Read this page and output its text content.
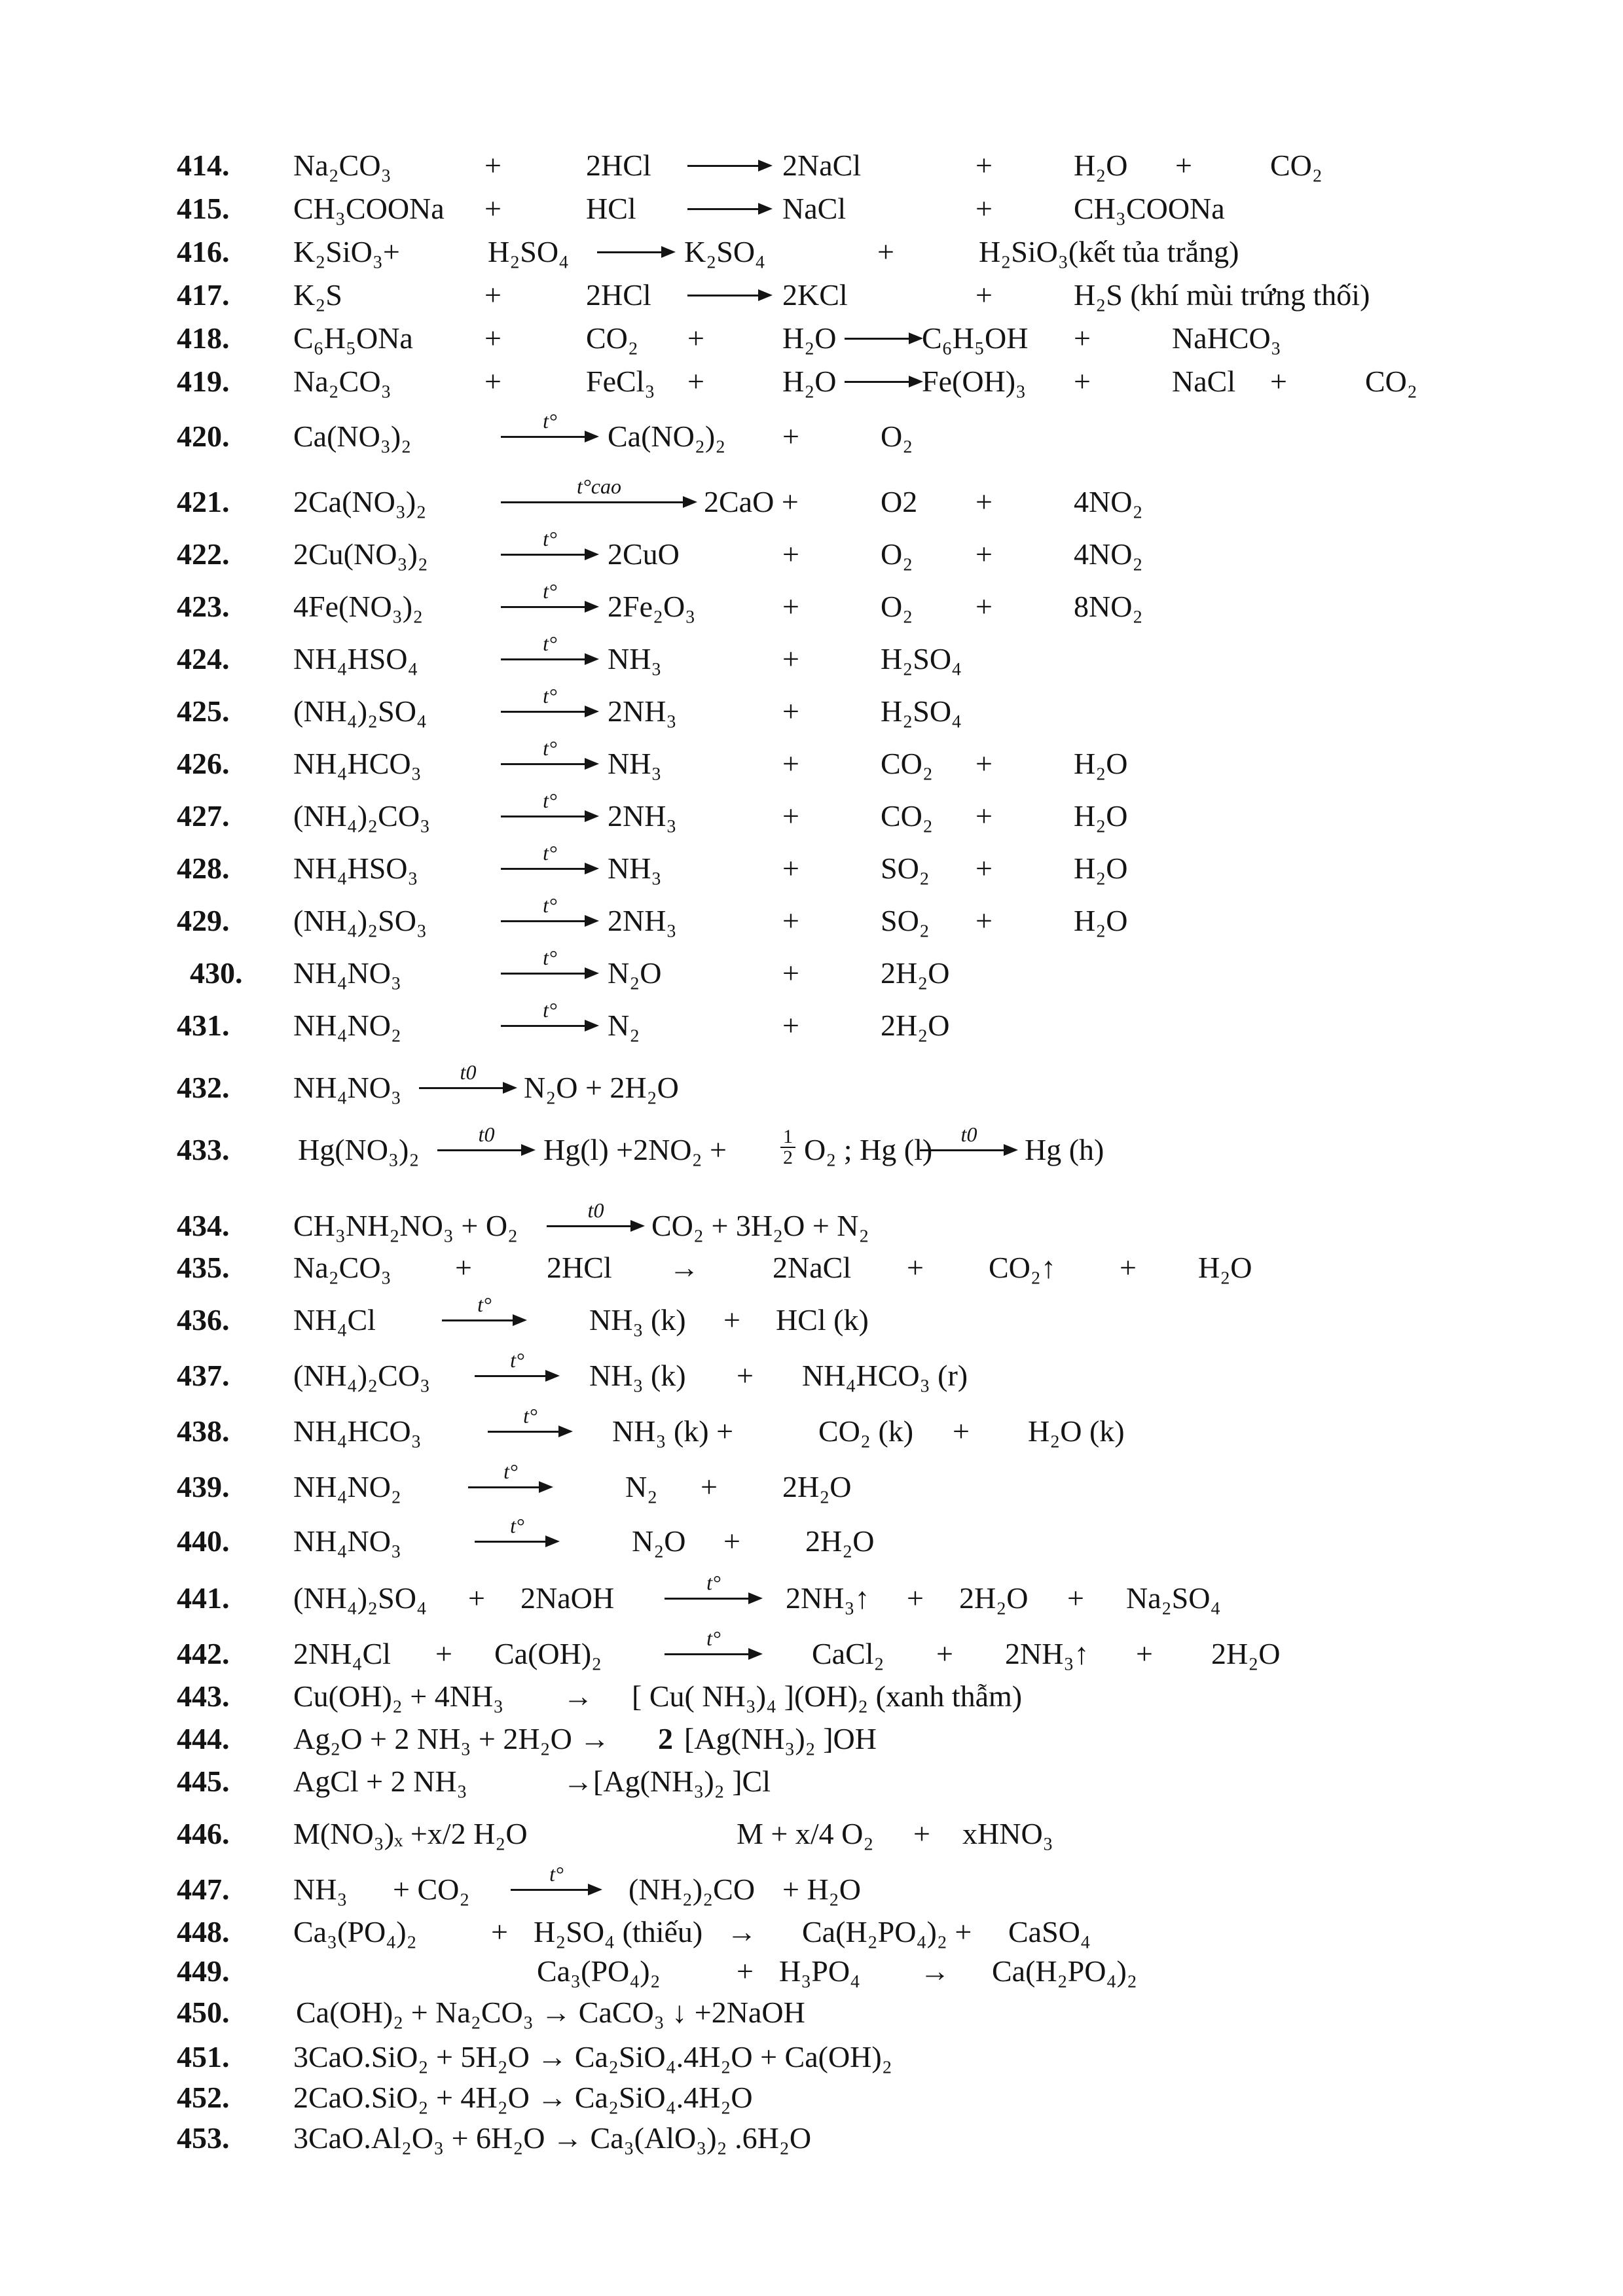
414. Na₂CO₃	+	2HCl	2NaCl	+	H₂O +	CO₂
415. CH₃COONa +	HCl	NaCl	+	CH₃COONa
416. K₂SiO₃+	H₂SO₄	K₂SO₄	+	H₂SiO₃(kết tủa trắng)
417. K₂S	+	2HCl	2KCl	+	H₂S (khí mùi trứng thối)
418. C₆H₅ONa +	CO₂ +	H₂O	C₆H₅OH +	NaHCO₃
419. Na₂CO₃	+	FeCl₃ +	H₂O	Fe(OH)₃ +	NaCl +	CO₂
420. Ca(NO₃)₂	t°	Ca(NO₂)₂ +	O₂
421. 2Ca(NO₃)₂	t°cao	2CaO +	O2 +	4NO₂
422. 2Cu(NO₃)₂	t°	2CuO	+	O₂ +	4NO₂
423. 4Fe(NO₃)₂	t°	2Fe₂O₃	+	O₂ +	8NO₂
424. NH₄HSO₄	t°	NH₃	+	H₂SO₄
425. (NH₄)₂SO₄	t°	2NH₃	+	H₂SO₄
426. NH₄HCO₃	t°	NH₃	+	CO₂ +	H₂O
427. (NH₄)₂CO₃	t°	2NH₃	+	CO₂ +	H₂O
428. NH₄HSO₃	t°	NH₃	+	SO₂ +	H₂O
429. (NH₄)₂SO₃	t°	2NH₃	+	SO₂ +	H₂O
430. NH₄NO₃	t°	N₂O	+	2H₂O
431. NH₄NO₂	t°	N₂	+	2H₂O
432. NH₄NO₃	t0	N₂O + 2H₂O
433. Hg(NO₃)₂	t0	Hg(l) +2NO₂ +	$\frac{1}{2} O_2$ ; Hg (l)	t0	Hg (h)
434. CH₃NH₂NO₃ + O₂	t0	CO₂ + 3H₂O + N₂
435. Na₂CO₃ + 2HCl → 2NaCl + CO₂↑ + H₂O
436. NH₄Cl	t°	NH₃ (k) + HCl (k)
437. (NH₄)₂CO₃	t°	NH₃ (k) + NH₄HCO₃ (r)
438. NH₄HCO₃	t°	NH₃ (k) +	CO₂ (k) + H₂O (k)
439. NH₄NO₂	t°	N₂ + 2H₂O
440. NH₄NO₃	t°	N₂O + 2H₂O
441. (NH₄)₂SO₄ + 2NaOH	t°	2NH₃↑ + 2H₂O + Na₂SO₄
442. 2NH₄Cl + Ca(OH)₂	t°	CaCl₂ + 2NH₃↑ + 2H₂O
443. Cu(OH)₂ + 4NH₃ → [ Cu( NH₃)₄ ](OH)₂ (xanh thẫm)
444. Ag₂O + 2 NH₃ + 2H₂O → 2 [Ag(NH₃)₂ ]OH
445. AgCl + 2 NH₃	→[Ag(NH₃)₂ ]Cl
446. M(NO₃)ₓ +x/2 H₂O	M + x/4 O₂ + xHNO₃
447. NH₃ + CO₂	t°	(NH₂)₂CO + H₂O
448. Ca₃(PO₄)₂ + H₂SO₄ (thiếu) → Ca(H₂PO₄)₂ + CaSO₄
449.	Ca₃(PO₄)₂	+ H₃PO₄ → Ca(H₂PO₄)₂
450. Ca(OH)₂ + Na₂CO₃ → CaCO₃ ↓ +2NaOH
451. 3CaO.SiO₂ + 5H₂O → Ca₂SiO₄.4H₂O + Ca(OH)₂
452. 2CaO.SiO₂ + 4H₂O → Ca₂SiO₄.4H₂O
453. 3CaO.Al₂O₃ + 6H₂O → Ca₃(AlO₃)₂ .6H₂O
